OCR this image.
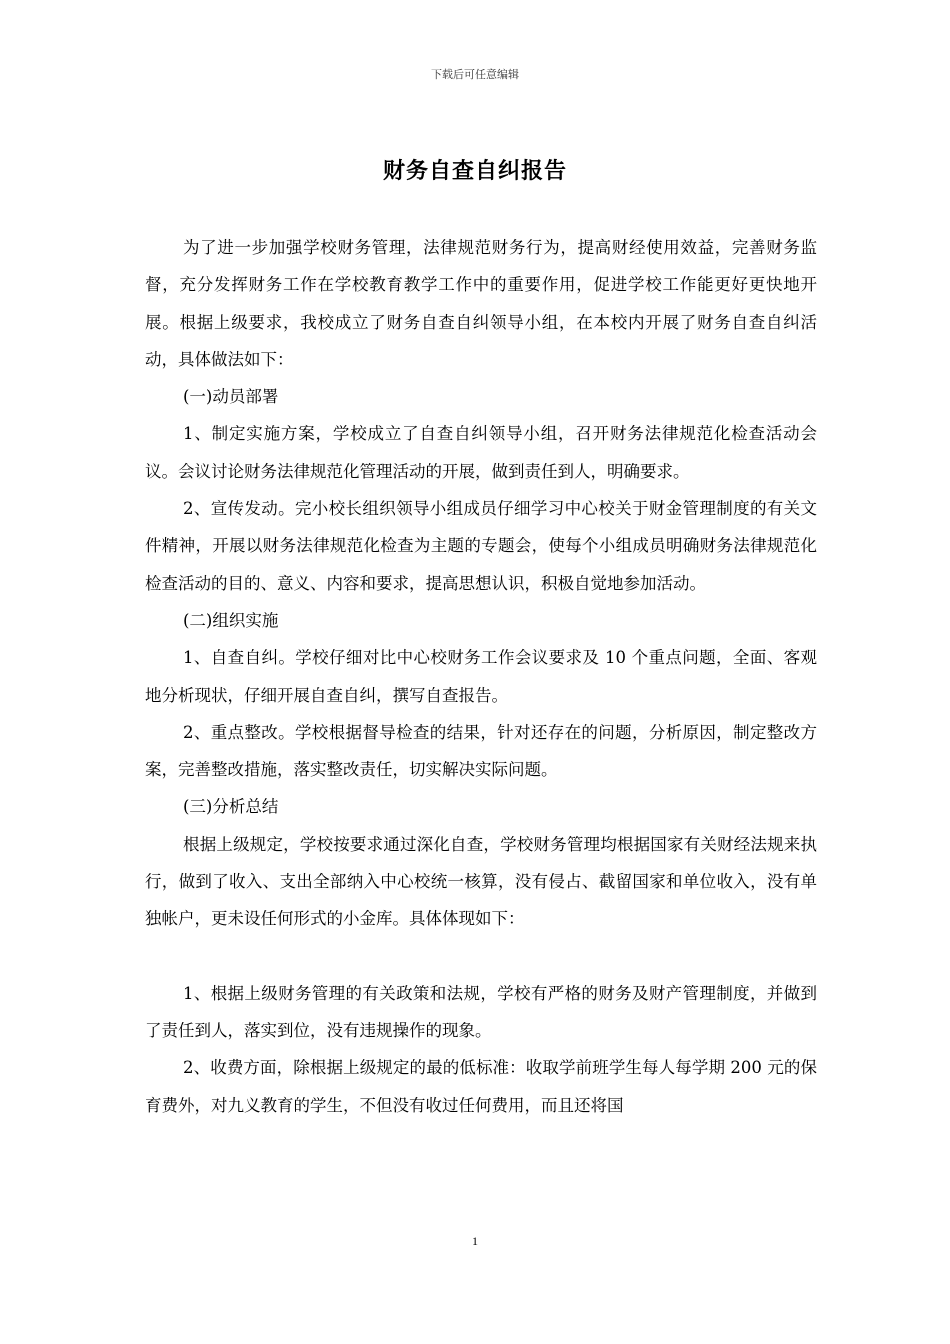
下载后可任意编辑
财务自查自纠报告

为了进一步加强学校财务管理，法律规范财务行为，提高财经使用效益，完善财务监督，充分发挥财务工作在学校教育教学工作中的重要作用，促进学校工作能更好更快地开展。根据上级要求，我校成立了财务自查自纠领导小组，在本校内开展了财务自查自纠活动，具体做法如下：

(一)动员部署

1、制定实施方案，学校成立了自查自纠领导小组，召开财务法律规范化检查活动会议。会议讨论财务法律规范化管理活动的开展，做到责任到人，明确要求。

2、宣传发动。完小校长组织领导小组成员仔细学习中心校关于财金管理制度的有关文件精神，开展以财务法律规范化检查为主题的专题会，使每个小组成员明确财务法律规范化检查活动的目的、意义、内容和要求，提高思想认识，积极自觉地参加活动。

(二)组织实施

1、自查自纠。学校仔细对比中心校财务工作会议要求及 10 个重点问题，全面、客观地分析现状，仔细开展自查自纠，撰写自查报告。

2、重点整改。学校根据督导检查的结果，针对还存在的问题，分析原因，制定整改方案，完善整改措施，落实整改责任，切实解决实际问题。

(三)分析总结

根据上级规定，学校按要求通过深化自查，学校财务管理均根据国家有关财经法规来执行，做到了收入、支出全部纳入中心校统一核算，没有侵占、截留国家和单位收入，没有单独帐户，更未设任何形式的小金库。具体体现如下：

1、根据上级财务管理的有关政策和法规，学校有严格的财务及财产管理制度，并做到了责任到人，落实到位，没有违规操作的现象。

2、收费方面，除根据上级规定的最的低标准：收取学前班学生每人每学期 200 元的保育费外，对九义教育的学生，不但没有收过任何费用，而且还将国

1
